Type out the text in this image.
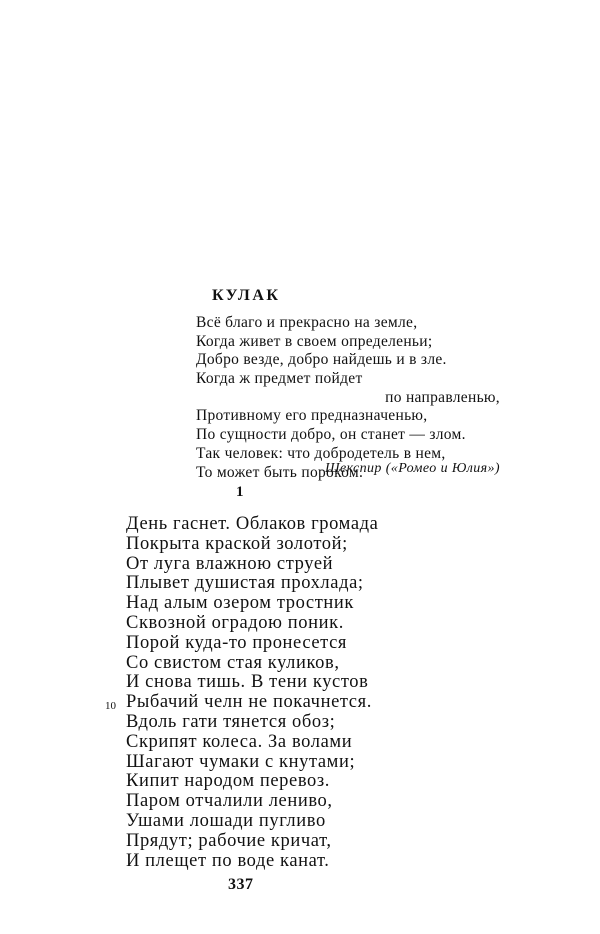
КУЛАК
Всё благо и прекрасно на земле,
Когда живет в своем определеньи;
Добро везде, добро найдешь и в зле.
Когда ж предмет пойдет
по направленью,
Противному его предназначенью,
По сущности добро, он станет — злом.
Так человек: что добродетель в нем,
То может быть пороком.
Шекспир («Ромео и Юлия»)
1
День гаснет. Облаков громада
Покрыта краской золотой;
От луга влажною струей
Плывет душистая прохлада;
Над алым озером тростник
Сквозной оградою поник.
Порой куда-то пронесется
Со свистом стая куликов,
И снова тишь. В тени кустов
10 Рыбачий челн не покачнется.
Вдоль гати тянется обоз;
Скрипят колеса. За волами
Шагают чумаки с кнутами;
Кипит народом перевоз.
Паром отчалили лениво,
Ушами лошади пугливо
Прядут; рабочие кричат,
И плещет по воде канат.
337
